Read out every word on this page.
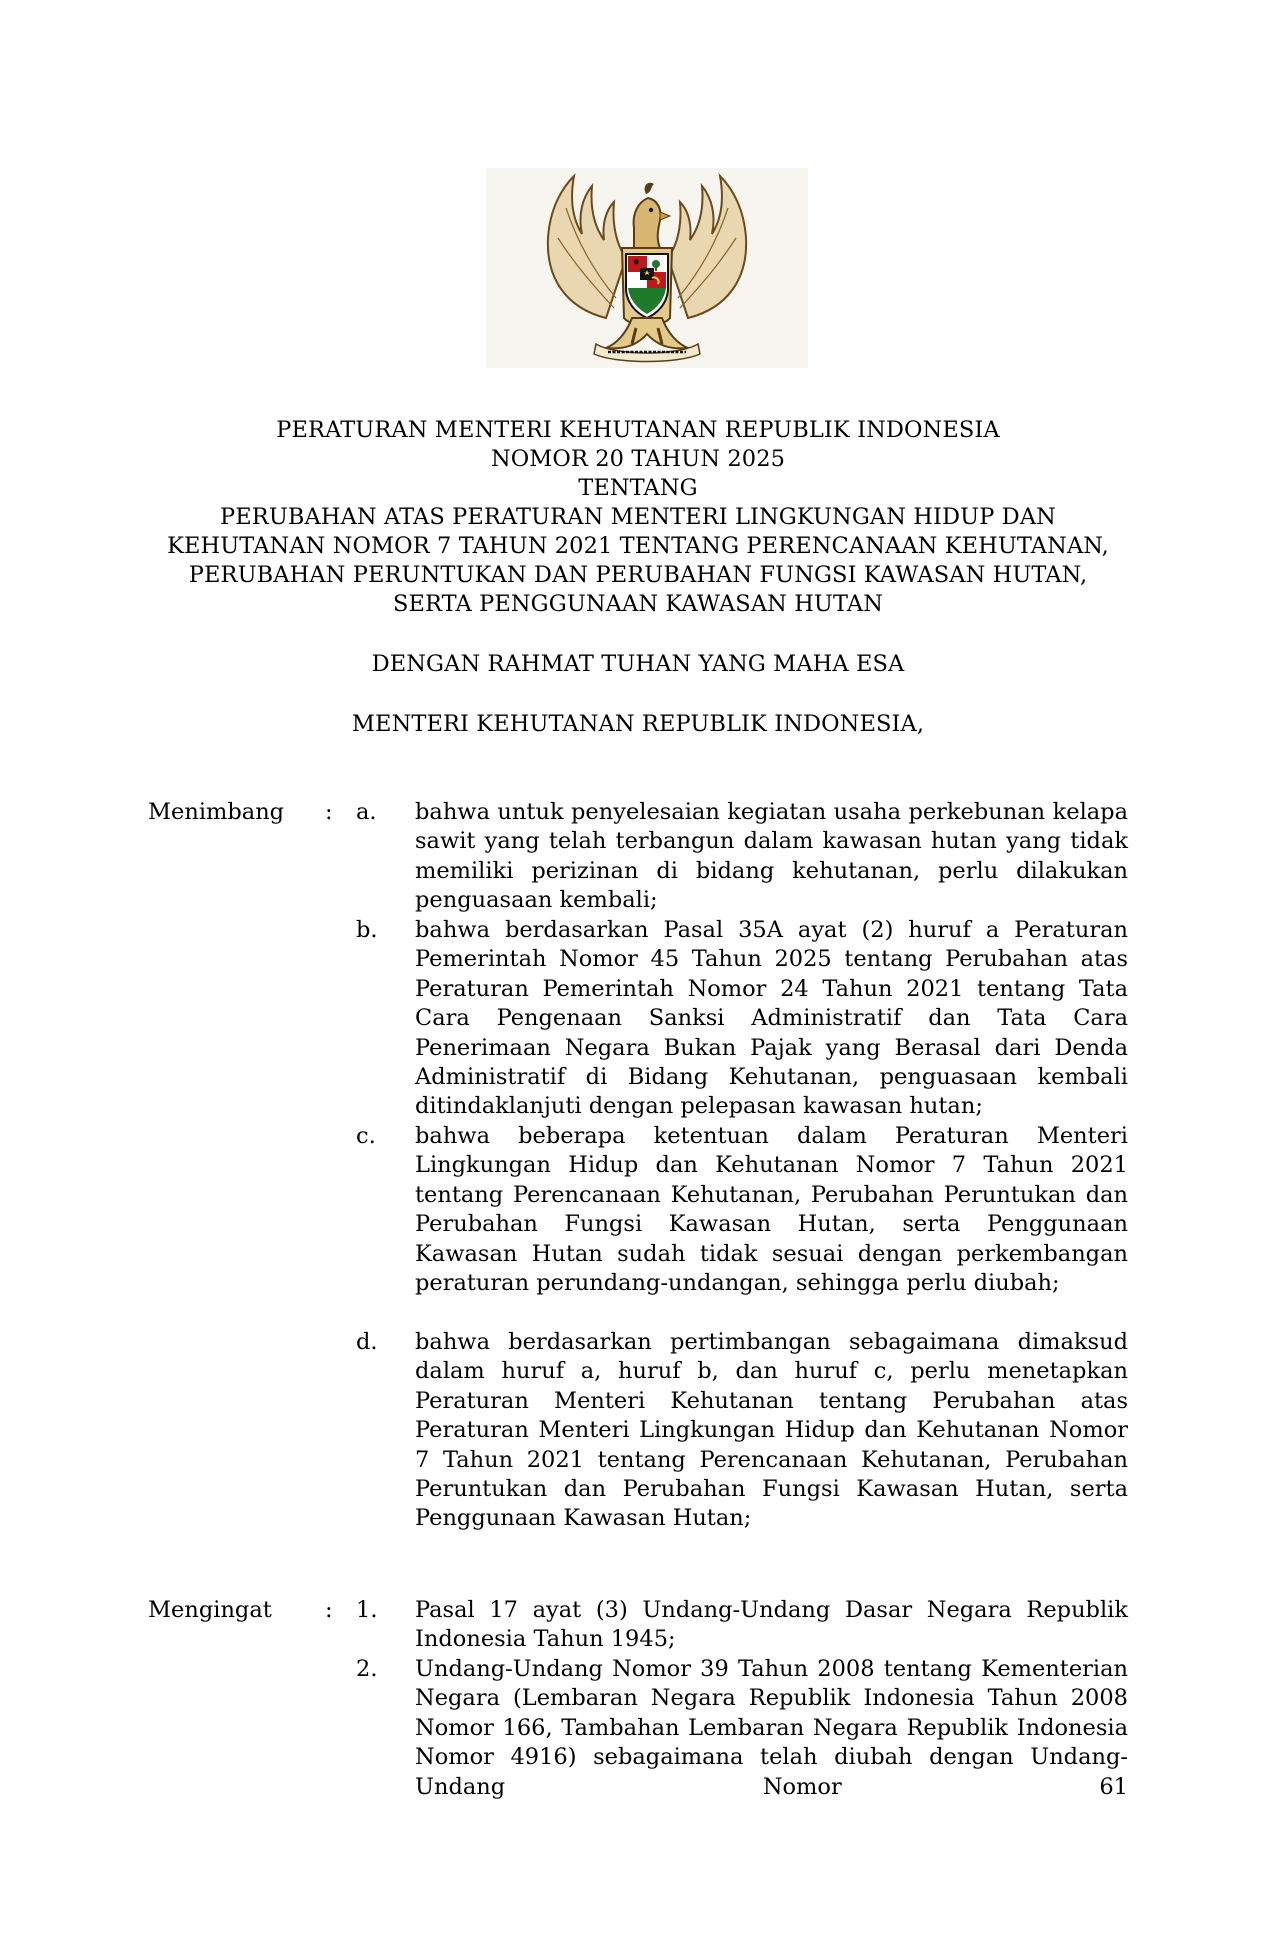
PERATURAN MENTERI KEHUTANAN REPUBLIK INDONESIA
NOMOR 20 TAHUN 2025
TENTANG
PERUBAHAN ATAS PERATURAN MENTERI LINGKUNGAN HIDUP DAN
KEHUTANAN NOMOR 7 TAHUN 2021 TENTANG PERENCANAAN KEHUTANAN,
PERUBAHAN PERUNTUKAN DAN PERUBAHAN FUNGSI KAWASAN HUTAN,
SERTA PENGGUNAAN KAWASAN HUTAN
DENGAN RAHMAT TUHAN YANG MAHA ESA
MENTERI KEHUTANAN REPUBLIK INDONESIA,
Menimbang : a. bahwa untuk penyelesaian kegiatan usaha perkebunan kelapa sawit yang telah terbangun dalam kawasan hutan yang tidak memiliki perizinan di bidang kehutanan, perlu dilakukan penguasaan kembali;
b. bahwa berdasarkan Pasal 35A ayat (2) huruf a Peraturan Pemerintah Nomor 45 Tahun 2025 tentang Perubahan atas Peraturan Pemerintah Nomor 24 Tahun 2021 tentang Tata Cara Pengenaan Sanksi Administratif dan Tata Cara Penerimaan Negara Bukan Pajak yang Berasal dari Denda Administratif di Bidang Kehutanan, penguasaan kembali ditindaklanjuti dengan pelepasan kawasan hutan;
c. bahwa beberapa ketentuan dalam Peraturan Menteri Lingkungan Hidup dan Kehutanan Nomor 7 Tahun 2021 tentang Perencanaan Kehutanan, Perubahan Peruntukan dan Perubahan Fungsi Kawasan Hutan, serta Penggunaan Kawasan Hutan sudah tidak sesuai dengan perkembangan peraturan perundang-undangan, sehingga perlu diubah;
d. bahwa berdasarkan pertimbangan sebagaimana dimaksud dalam huruf a, huruf b, dan huruf c, perlu menetapkan Peraturan Menteri Kehutanan tentang Perubahan atas Peraturan Menteri Lingkungan Hidup dan Kehutanan Nomor 7 Tahun 2021 tentang Perencanaan Kehutanan, Perubahan Peruntukan dan Perubahan Fungsi Kawasan Hutan, serta Penggunaan Kawasan Hutan;
Mengingat : 1. Pasal 17 ayat (3) Undang-Undang Dasar Negara Republik Indonesia Tahun 1945;
2. Undang-Undang Nomor 39 Tahun 2008 tentang Kementerian Negara (Lembaran Negara Republik Indonesia Tahun 2008 Nomor 166, Tambahan Lembaran Negara Republik Indonesia Nomor 4916) sebagaimana telah diubah dengan Undang-Undang Nomor 61
